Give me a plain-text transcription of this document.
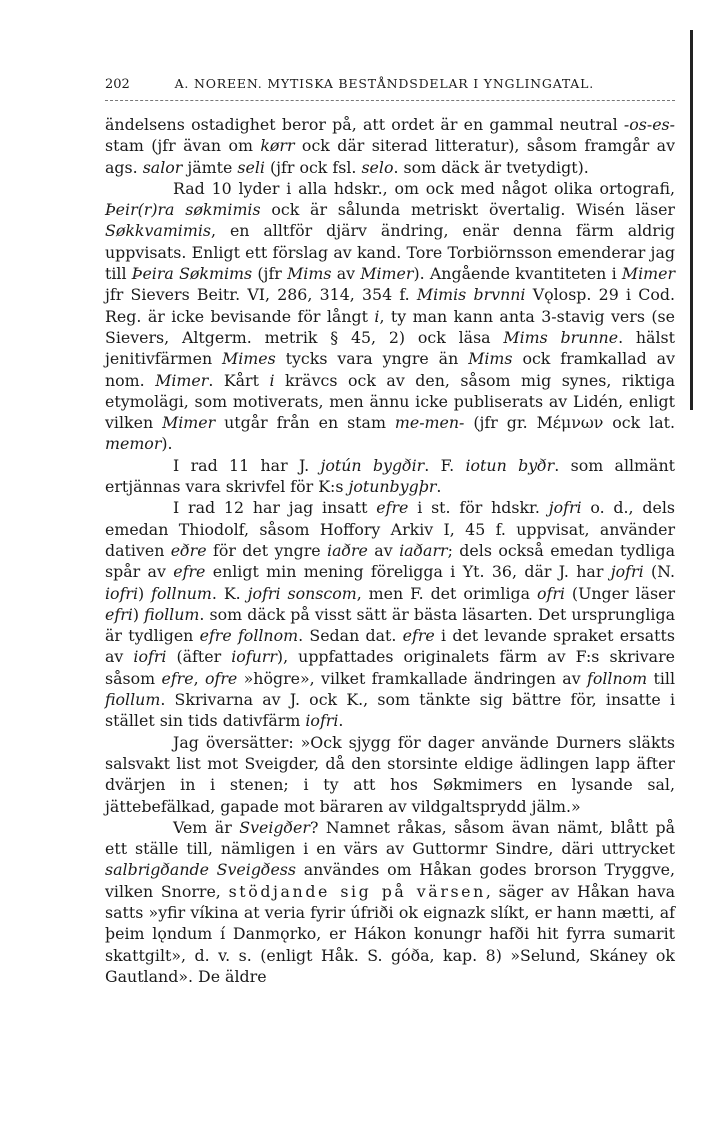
202	A. NOREEN. MYTISKA BESTÅNDSDELAR I YNGLINGATAL.

ändelsens ostadighet beror på, att ordet är en gammal neutral -os-es-stam (jfr ävan om kørr ock där siterad litteratur), såsom framgår av ags. salor jämte seli (jfr ock fsl. selo. som däck är tvetydigt).

Rad 10 lyder i alla hdskr., om ock med något olika ortografi, Þeir(r)ra søkmimis ock är sålunda metriskt övertalig. Wisén läser Søkkvamimis, en alltför djärv ändring, enär denna färm aldrig uppvisats. Enligt ett förslag av kand. Tore Torbiörnsson emenderar jag till Þeira Søkmims (jfr Mims av Mimer). Angående kvantiteten i Mimer jfr Sievers Beitr. VI, 286, 314, 354 f. Mimis brvnni Vǫlosp. 29 i Cod. Reg. är icke bevisande för långt i, ty man kann anta 3-stavig vers (se Sievers, Altgerm. metrik § 45, 2) ock läsa Mims brunne. hälst jenitivfärmen Mimes tycks vara yngre än Mims ock framkallad av nom. Mimer. Kårt i krävcs ock av den, såsom mig synes, riktiga etymolägi, som motiverats, men ännu icke publiserats av Lidén, enligt vilken Mimer utgår från en stam me-men- (jfr gr. Μέμνων ock lat. memor).

I rad 11 har J. jotún bygðir. F. iotun byðr. som allmänt ertjännas vara skrivfel för K:s jotunbygþr.

I rad 12 har jag insatt efre i st. för hdskr. jofri o. d., dels emedan Thiodolf, såsom Hoffory Arkiv I, 45 f. uppvisat, använder dativen eðre för det yngre iaðre av iaðarr; dels också emedan tydliga spår av efre enligt min mening föreligga i Yt. 36, där J. har jofri (N. iofri) follnum. K. jofri sonscom, men F. det orimliga ofri (Unger läser efri) fiollum. som däck på visst sätt är bästa läsarten. Det ursprungliga är tydligen efre follnom. Sedan dat. efre i det levande spraket ersatts av iofri (äfter iofurr), uppfattades originalets färm av F:s skrivare såsom efre, ofre »högre», vilket framkallade ändringen av follnom till fiollum. Skrivarna av J. ock K., som tänkte sig bättre för, insatte i stället sin tids dativfärm iofri.

Jag översätter: »Ock sjygg för dager använde Durners släkts salsvakt list mot Sveigder, då den storsinte eldige ädlingen lapp äfter dvärjen in i stenen; i ty att hos Søkmimers en lysande sal, jättebefälkad, gapade mot bäraren av vildgaltsprydd jälm.»

Vem är Sveigðer? Namnet råkas, såsom ävan nämt, blått på ett ställe till, nämligen i en värs av Guttormr Sindre, däri uttrycket salbrigðande Sveigðess användes om Håkan godes brorson Tryggve, vilken Snorre, stödjande sig på värsen, säger av Håkan hava satts »yfir víkina at veria fyrir úfriði ok eignazk slíkt, er hann mætti, af þeim lǫndum í Danmǫrko, er Hákon konungr hafði hit fyrra sumarit skattgilt», d. v. s. (enligt Håk. S. góða, kap. 8) »Selund, Skáney ok Gautland». De äldre
